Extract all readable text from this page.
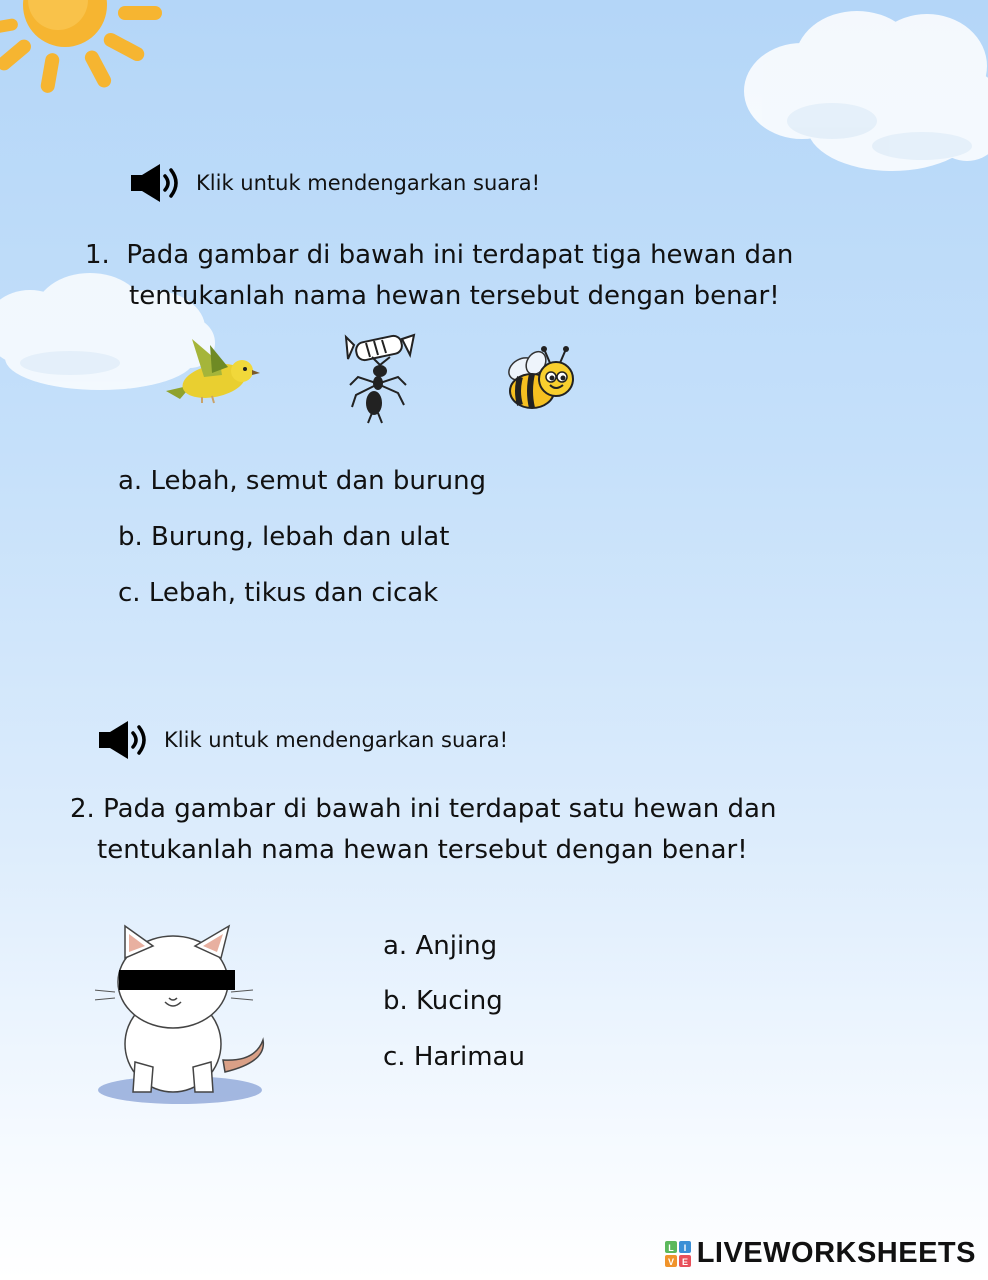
Klik untuk mendengarkan suara!
1. Pada gambar di bawah ini terdapat tiga hewan dan
tentukanlah nama hewan tersebut dengan benar!
a. Lebah, semut dan burung
b. Burung, lebah dan ulat
c. Lebah, tikus dan cicak
Klik untuk mendengarkan suara!
2. Pada gambar di bawah ini terdapat satu hewan dan
tentukanlah nama hewan tersebut dengan benar!
a. Anjing
b. Kucing
c. Harimau
L I
V E LIVEWORKSHEETS
